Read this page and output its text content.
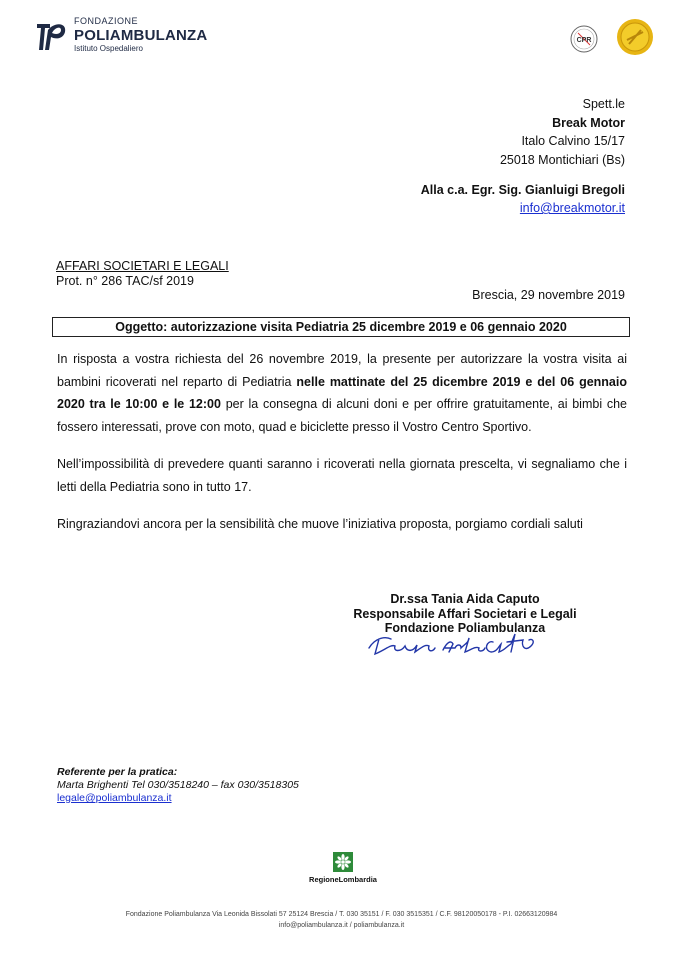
FONDAZIONE
POLIAMBULANZA
Istituto Ospedaliero
CPR
Spett.le
Break Motor
Italo Calvino 15/17
25018 Montichiari (Bs)
Alla c.a. Egr. Sig. Gianluigi Bregoli
info@breakmotor.it
AFFARI SOCIETARI E LEGALI
Prot. n° 286 TAC/sf 2019
Brescia, 29 novembre 2019
Oggetto: autorizzazione visita Pediatria 25 dicembre 2019 e 06 gennaio 2020

In risposta a vostra richiesta del 26 novembre 2019, la presente per autorizzare la vostra visita ai bambini ricoverati nel reparto di Pediatria nelle mattinate del 25 dicembre 2019 e del 06 gennaio 2020 tra le 10:00 e le 12:00 per la consegna di alcuni doni e per offrire gratuitamente, ai bimbi che fossero interessati, prove con moto, quad e biciclette presso il Vostro Centro Sportivo.

Nell’impossibilità di prevedere quanti saranno i ricoverati nella giornata prescelta, vi segnaliamo che i letti della Pediatria sono in tutto 17.

Ringraziandovi ancora per la sensibilità che muove l’iniziativa proposta, porgiamo cordiali saluti

Dr.ssa Tania Aida Caputo
Responsabile Affari Societari e Legali
Fondazione Poliambulanza
Referente per la pratica:
Marta Brighenti Tel 030/3518240 – fax 030/3518305
legale@poliambulanza.it
RegioneLombardia
Fondazione Poliambulanza Via Leonida Bissolati 57 25124 Brescia / T. 030 35151 / F. 030 3515351 / C.F. 98120050178 - P.I. 02663120984
info@poliambulanza.it / poliambulanza.it
